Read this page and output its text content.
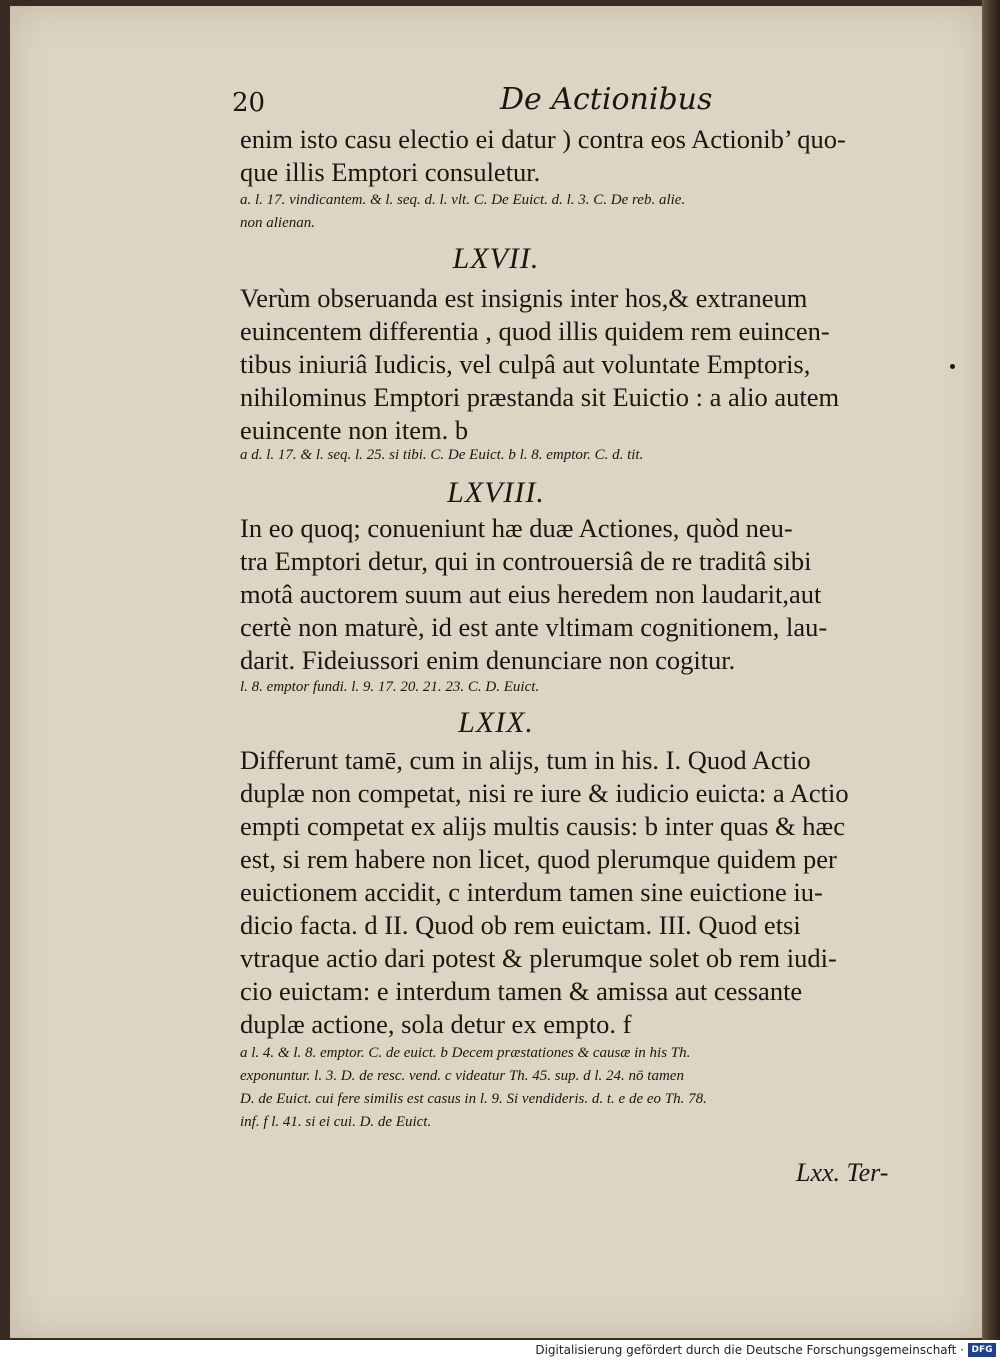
20	De Actionibus
enim isto casu electio ei datur ) contra eos Actionib’ quo-
que illis Emptori consuletur.
a. l. 17. vindicantem. & l. seq. d. l. vlt. C. De Euict. d. l. 3. C. De reb. alie.
non alienan.
LXVII.
Verùm obseruanda est insignis inter hos,& extraneum
euincentem differentia , quod illis quidem rem euincen-
tibus iniuriâ Iudicis, vel culpâ aut voluntate Emptoris,
nihilominus Emptori præstanda sit Euictio : a alio autem
euincente non item. b
a d. l. 17. & l. seq. l. 25. si tibi. C. De Euict. b l. 8. emptor. C. d. tit.
LXVIII.
In eo quoq; conueniunt hæ duæ Actiones, quòd neu-
tra Emptori detur, qui in controuersiâ de re traditâ sibi
motâ auctorem suum aut eius heredem non laudarit,aut
certè non maturè, id est ante vltimam cognitionem, lau-
darit. Fideiussori enim denunciare non cogitur.
l. 8. emptor fundi. l. 9. 17. 20. 21. 23. C. D. Euict.
LXIX.
Differunt tamē, cum in alijs, tum in his. I. Quod Actio
duplæ non competat, nisi re iure & iudicio euicta: a Actio
empti competat ex alijs multis causis: b inter quas & hæc
est, si rem habere non licet, quod plerumque quidem per
euictionem accidit, c interdum tamen sine euictione iu-
dicio facta. d II. Quod ob rem euictam. III. Quod etsi
vtraque actio dari potest & plerumque solet ob rem iudi-
cio euictam: e interdum tamen & amissa aut cessante
duplæ actione, sola detur ex empto. f
a l. 4. & l. 8. emptor. C. de euict. b Decem præstationes & causæ in his Th.
exponuntur. l. 3. D. de resc. vend. c videatur Th. 45. sup. d l. 24. nō tamen
D. de Euict. cui fere similis est casus in l. 9. Si vendideris. d. t. e de eo Th. 78.
inf. f l. 41. si ei cui. D. de Euict.
Lxx. Ter-
Digitalisierung gefördert durch die Deutsche Forschungsgemeinschaft · DFG
